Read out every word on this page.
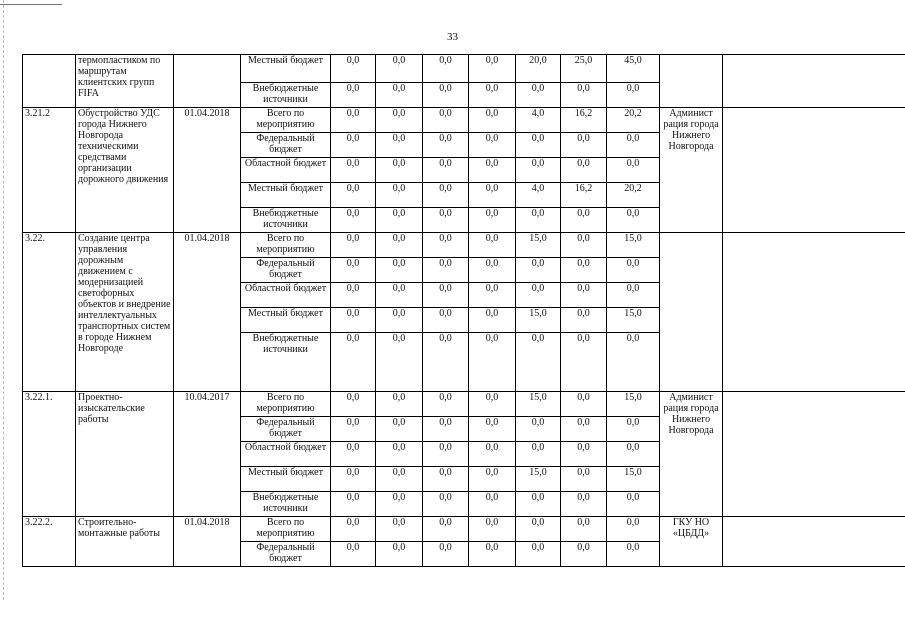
33
	термопластиком по маршрутам клиентских групп FIFA		Местный бюджет	0,0	0,0	0,0	0,0	20,0	25,0	45,0		
			Внебюджетные источники	0,0	0,0	0,0	0,0	0,0	0,0	0,0		
3.21.2	Обустройство УДС города Нижнего Новгорода техническими средствами организации дорожного движения	01.04.2018	Всего по мероприятию	0,0	0,0	0,0	0,0	4,0	16,2	20,2	Админист рация города Нижнего Новгорода	
			Федеральный бюджет	0,0	0,0	0,0	0,0	0,0	0,0	0,0		
			Областной бюджет	0,0	0,0	0,0	0,0	0,0	0,0	0,0		
			Местный бюджет	0,0	0,0	0,0	0,0	4,0	16,2	20,2		
			Внебюджетные источники	0,0	0,0	0,0	0,0	0,0	0,0	0,0		
3.22.	Создание центра управления дорожным движением с модернизацией светофорных объектов и внедрение интеллектуальных транспортных систем в городе Нижнем Новгороде	01.04.2018	Всего по мероприятию	0,0	0,0	0,0	0,0	15,0	0,0	15,0		
			Федеральный бюджет	0,0	0,0	0,0	0,0	0,0	0,0	0,0		
			Областной бюджет	0,0	0,0	0,0	0,0	0,0	0,0	0,0		
			Местный бюджет	0,0	0,0	0,0	0,0	15,0	0,0	15,0		
			Внебюджетные источники	0,0	0,0	0,0	0,0	0,0	0,0	0,0		
3.22.1.	Проектно-изыскательские работы	10.04.2017	Всего по мероприятию	0,0	0,0	0,0	0,0	15,0	0,0	15,0	Админист рация города Нижнего Новгорода	
			Федеральный бюджет	0,0	0,0	0,0	0,0	0,0	0,0	0,0		
			Областной бюджет	0,0	0,0	0,0	0,0	0,0	0,0	0,0		
			Местный бюджет	0,0	0,0	0,0	0,0	15,0	0,0	15,0		
			Внебюджетные источники	0,0	0,0	0,0	0,0	0,0	0,0	0,0		
3.22.2.	Строительно-монтажные работы	01.04.2018	Всего по мероприятию	0,0	0,0	0,0	0,0	0,0	0,0	0,0	ГКУ НО «ЦБДД»	
			Федеральный бюджет	0,0	0,0	0,0	0,0	0,0	0,0	0,0		
